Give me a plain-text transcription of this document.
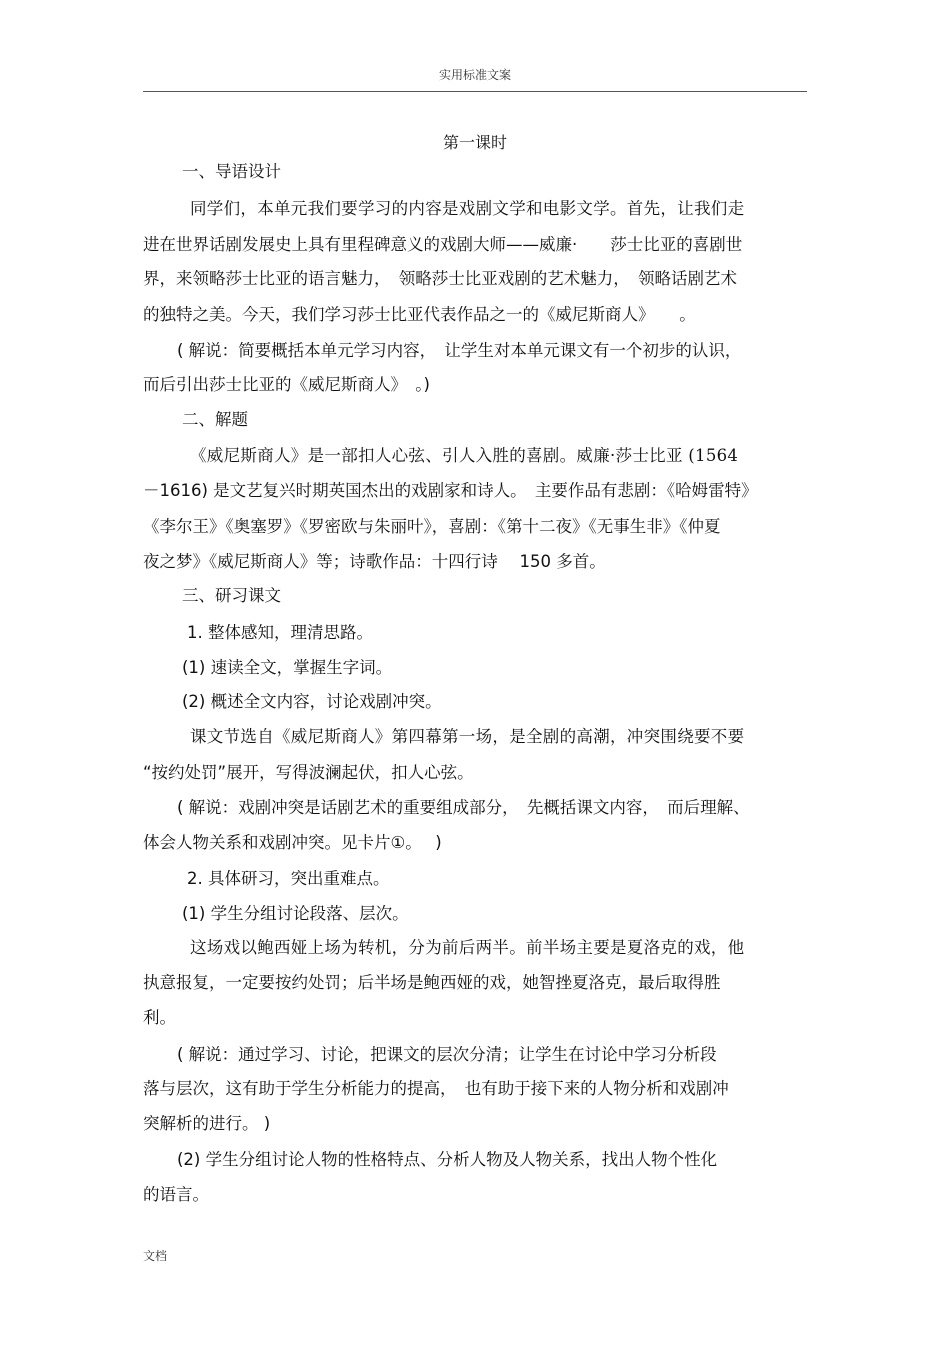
实用标准文案
第一课时
一、导语设计
同学们，本单元我们要学习的内容是戏剧文学和电影文学。首先，让我们走
进在世界话剧发展史上具有里程碑意义的戏剧大师——威廉·　　莎士比亚的喜剧世
界，来领略莎士比亚的语言魅力，　领略莎士比亚戏剧的艺术魅力，　领略话剧艺术
的独特之美。今天，我们学习莎士比亚代表作品之一的《威尼斯商人》　　。
( 解说：简要概括本单元学习内容，　让学生对本单元课文有一个初步的认识，
而后引出莎士比亚的《威尼斯商人》　。)
二、解题
《威尼斯商人》是一部扣人心弦、引人入胜的喜剧。威廉·莎士比亚 (1564
－1616) 是文艺复兴时期英国杰出的戏剧家和诗人。　主要作品有悲剧：《哈姆雷特》
《李尔王》《奥塞罗》《罗密欧与朱丽叶》，喜剧：《第十二夜》《无事生非》《仲夏
夜之梦》《威尼斯商人》等；诗歌作品：十四行诗　 150 多首。
三、研习课文
1. 整体感知，理清思路。
(1) 速读全文，掌握生字词。
(2) 概述全文内容，讨论戏剧冲突。
课文节选自《威尼斯商人》第四幕第一场，是全剧的高潮，冲突围绕要不要
“按约处罚”展开，写得波澜起伏，扣人心弦。
( 解说：戏剧冲突是话剧艺术的重要组成部分，　先概括课文内容，　而后理解、
体会人物关系和戏剧冲突。见卡片①。　 )
2. 具体研习，突出重难点。
(1) 学生分组讨论段落、层次。
这场戏以鲍西娅上场为转机，分为前后两半。前半场主要是夏洛克的戏，他
执意报复，一定要按约处罚；后半场是鲍西娅的戏，她智挫夏洛克，最后取得胜
利。
( 解说：通过学习、讨论，把课文的层次分清；让学生在讨论中学习分析段
落与层次，这有助于学生分析能力的提高，　也有助于接下来的人物分析和戏剧冲
突解析的进行。 )
(2) 学生分组讨论人物的性格特点、分析人物及人物关系，找出人物个性化
的语言。
文档
